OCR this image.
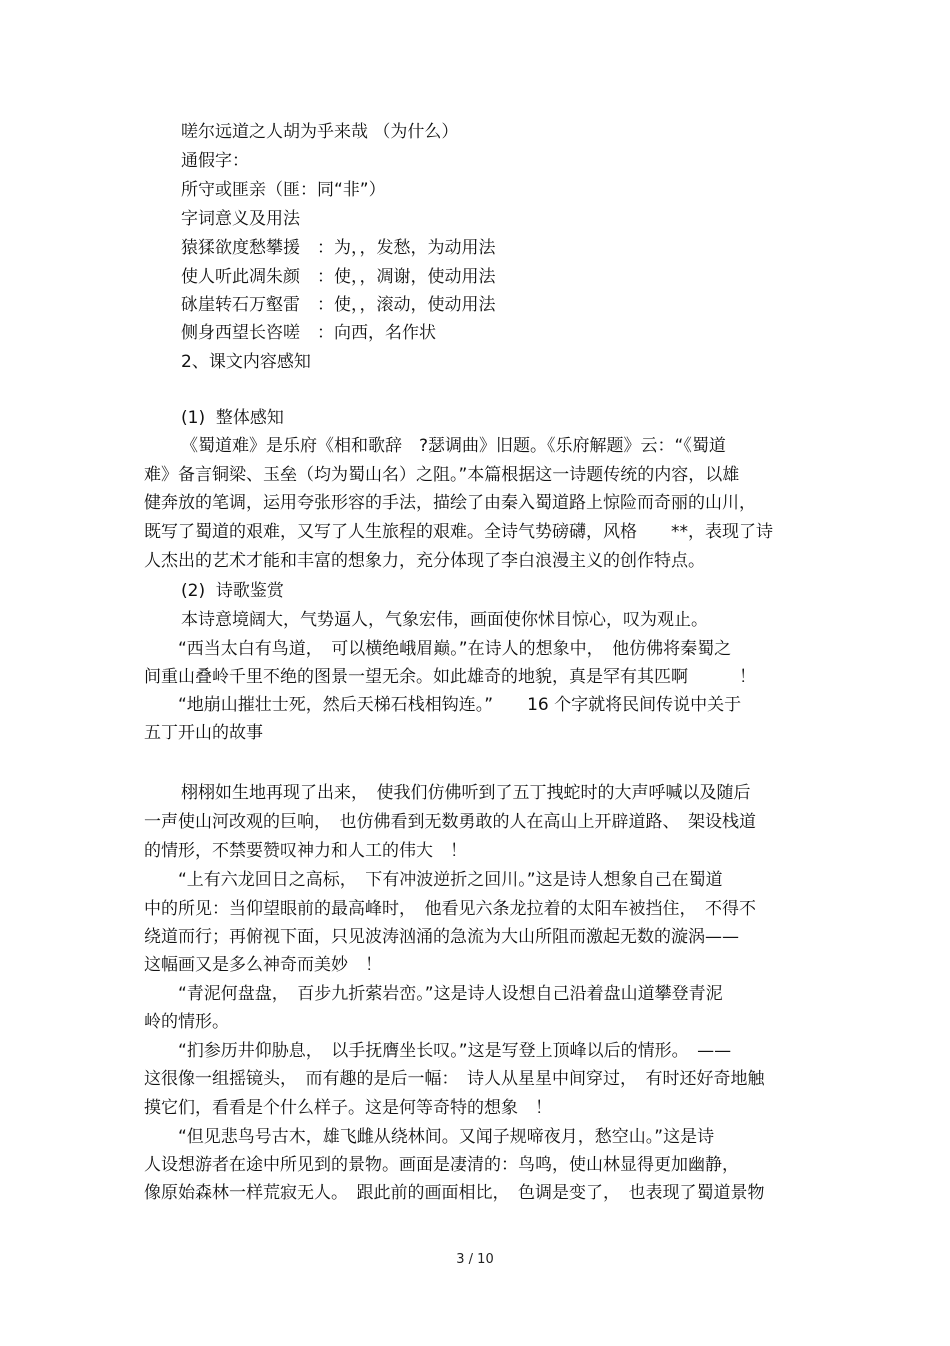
嗟尔远道之人胡为乎来哉 （为什么）
通假字：
所守或匪亲（匪：同“非”）
字词意义及用法
猿猱欲度愁攀援　：为，，发愁，为动用法
使人听此凋朱颜　：使，，凋谢，使动用法
砯崖转石万壑雷　：使，，滚动，使动用法
侧身西望长咨嗟　：向西，名作状
2、课文内容感知
(1)  整体感知
《蜀道难》是乐府《相和歌辞　?瑟调曲》旧题。《乐府解题》云：“《蜀道
难》备言铜梁、玉垒（均为蜀山名）之阻。”本篇根据这一诗题传统的内容，以雄
健奔放的笔调，运用夸张形容的手法，描绘了由秦入蜀道路上惊险而奇丽的山川，
既写了蜀道的艰难，又写了人生旅程的艰难。全诗气势磅礴，风格　　**，表现了诗
人杰出的艺术才能和丰富的想象力，充分体现了李白浪漫主义的创作特点。
(2)  诗歌鉴赏
本诗意境阔大，气势逼人，气象宏伟，画面使你怵目惊心，叹为观止。
　　“西当太白有鸟道，　可以横绝峨眉巅。”在诗人的想象中，　他仿佛将秦蜀之
间重山叠岭千里不绝的图景一望无余。如此雄奇的地貌，真是罕有其匹啊　　　！
　　“地崩山摧壮士死，然后天梯石栈相钩连。”　　16 个字就将民间传说中关于
五丁开山的故事
栩栩如生地再现了出来，　使我们仿佛听到了五丁拽蛇时的大声呼喊以及随后
一声使山河改观的巨响，　也仿佛看到无数勇敢的人在高山上开辟道路、　架设栈道
的情形，不禁要赞叹神力和人工的伟大　！
　　“上有六龙回日之高标，　下有冲波逆折之回川。”这是诗人想象自己在蜀道
中的所见：当仰望眼前的最高峰时，　他看见六条龙拉着的太阳车被挡住，　不得不
绕道而行；再俯视下面，只见波涛汹涌的急流为大山所阻而激起无数的漩涡——
这幅画又是多么神奇而美妙　！
　　“青泥何盘盘，　百步九折萦岩峦。”这是诗人设想自己沿着盘山道攀登青泥
岭的情形。
　　“扪参历井仰胁息，　以手抚膺坐长叹。”这是写登上顶峰以后的情形。　——
这很像一组摇镜头，　而有趣的是后一幅：　诗人从星星中间穿过，　有时还好奇地触
摸它们，看看是个什么样子。这是何等奇特的想象　！
　　“但见悲鸟号古木，雄飞雌从绕林间。又闻子规啼夜月，愁空山。”这是诗
人设想游者在途中所见到的景物。画面是凄清的：鸟鸣，使山林显得更加幽静，
像原始森林一样荒寂无人。　跟此前的画面相比，　色调是变了，　也表现了蜀道景物
3 / 10
